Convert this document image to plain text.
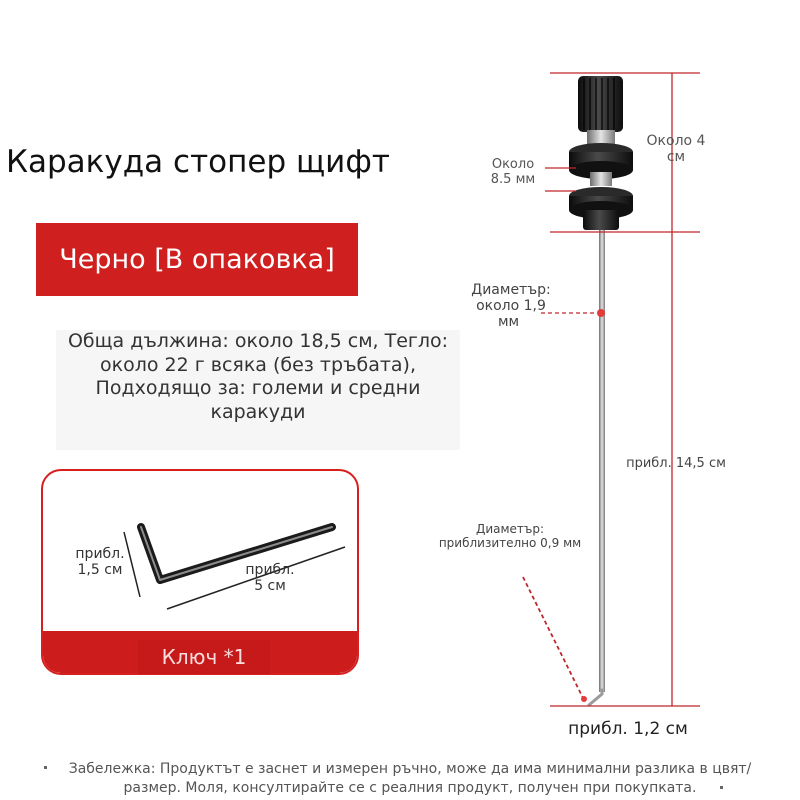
Каракуда стопер щифт
Черно [В опаковка]
Обща дължина: около 18,5 см, Тегло:
около 22 г всяка (без тръбата),
Подходящо за: големи и средни
каракуди
Ключ *1
прибл.
1,5 см	прибл.
5 см
Около
8.5 мм
Около 4
см
Диаметър:
около 1,9
мм
прибл. 14,5 см
Диаметър:
приблизително 0,9 мм
прибл. 1,2 см
Забележка: Продуктът е заснет и измерен ръчно, може да има минимални разлика в цвят/размер. Моля, консултирайте се с реалния продукт, получен при покупката.
